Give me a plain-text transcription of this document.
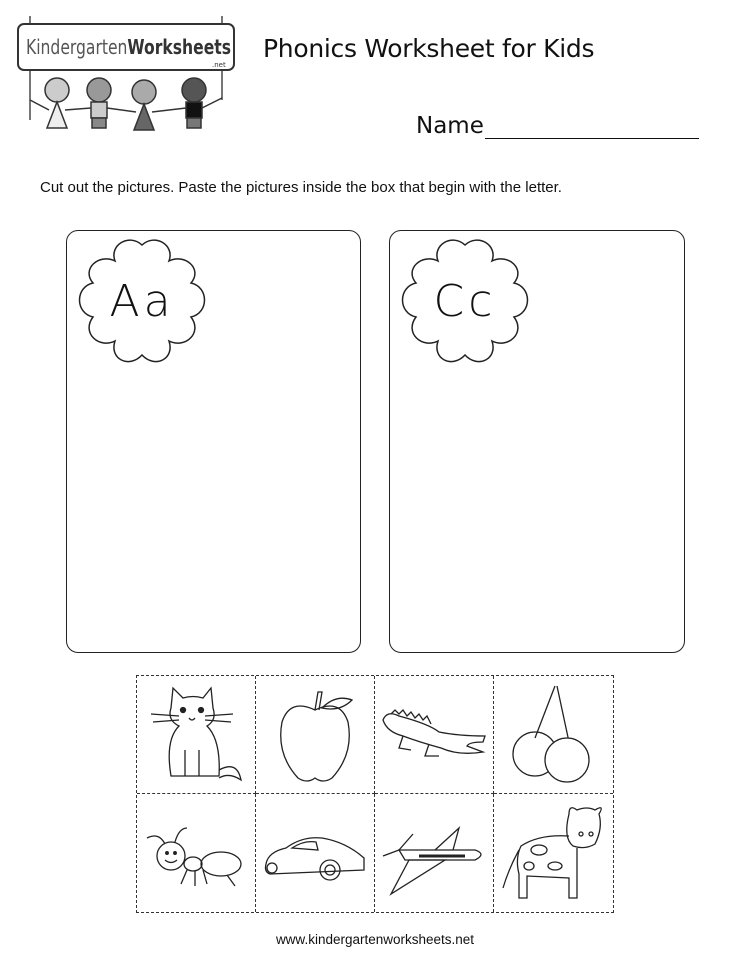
KindergartenWorksheets
.net
Phonics Worksheet for Kids
Name
Cut out the pictures. Paste the pictures inside the box that begin with the letter.
Aa	Cc
www.kindergartenworksheets.net
